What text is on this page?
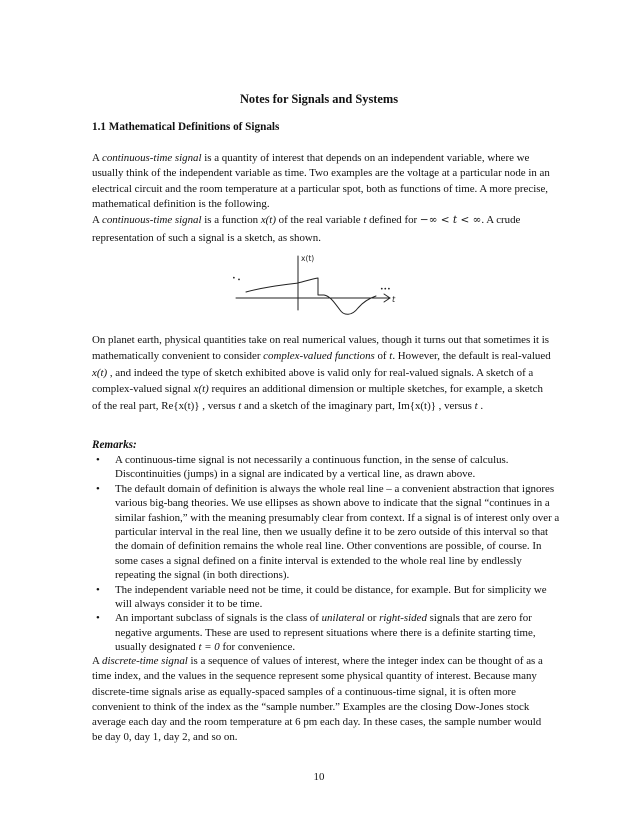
Notes for Signals and Systems
1.1 Mathematical Definitions of Signals

A continuous-time signal is a quantity of interest that depends on an independent variable, where we usually think of the independent variable as time. Two examples are the voltage at a particular node in an electrical circuit and the room temperature at a particular spot, both as functions of time. A more precise, mathematical definition is the following.

A continuous-time signal is a function x(t) of the real variable t defined for −∞ < t < ∞. A crude representation of such a signal is a sketch, as shown.

x(t)
t
• •
•••

On planet earth, physical quantities take on real numerical values, though it turns out that sometimes it is mathematically convenient to consider complex-valued functions of t. However, the default is real-valued x(t) , and indeed the type of sketch exhibited above is valid only for real-valued signals. A sketch of a complex-valued signal x(t) requires an additional dimension or multiple sketches, for example, a sketch of the real part, Re{x(t)} , versus t and a sketch of the imaginary part, Im{x(t)} , versus t .

Remarks:
• A continuous-time signal is not necessarily a continuous function, in the sense of calculus. Discontinuities (jumps) in a signal are indicated by a vertical line, as drawn above.
• The default domain of definition is always the whole real line – a convenient abstraction that ignores various big-bang theories. We use ellipses as shown above to indicate that the signal “continues in a similar fashion,” with the meaning presumably clear from context. If a signal is of interest only over a particular interval in the real line, then we usually define it to be zero outside of this interval so that the domain of definition remains the whole real line. Other conventions are possible, of course. In some cases a signal defined on a finite interval is extended to the whole real line by endlessly repeating the signal (in both directions).
• The independent variable need not be time, it could be distance, for example. But for simplicity we will always consider it to be time.
• An important subclass of signals is the class of unilateral or right-sided signals that are zero for negative arguments. These are used to represent situations where there is a definite starting time, usually designated t = 0 for convenience.

A discrete-time signal is a sequence of values of interest, where the integer index can be thought of as a time index, and the values in the sequence represent some physical quantity of interest. Because many discrete-time signals arise as equally-spaced samples of a continuous-time signal, it is often more convenient to think of the index as the “sample number.” Examples are the closing Dow-Jones stock average each day and the room temperature at 6 pm each day. In these cases, the sample number would be day 0, day 1, day 2, and so on.

10
